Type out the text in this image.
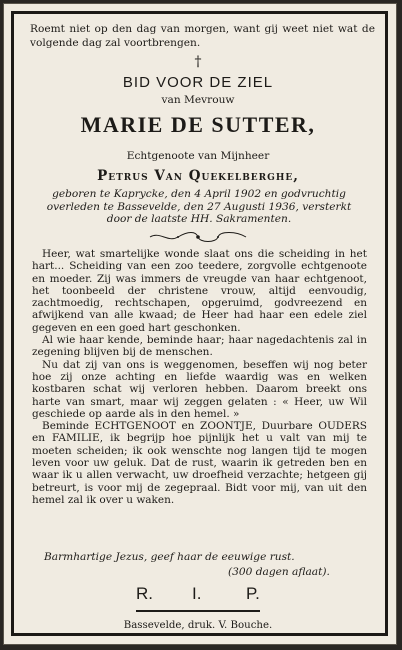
Roemt niet op den dag van morgen, want gij weet niet wat de volgende dag zal voortbrengen.
†
BID VOOR DE ZIEL
van Mevrouw
MARIE DE SUTTER,
Echtgenoote van Mijnheer
Petrus Van Quekelberghe,
geboren te Kaprycke, den 4 April 1902 en godvruchtig overleden te Bassevelde, den 27 Augusti 1936, versterkt door de laatste HH. Sakramenten.

Heer, wat smartelijke wonde slaat ons die scheiding in het hart... Scheiding van een zoo teedere, zorgvolle echtgenoote en moeder. Zij was immers de vreugde van haar echtgenoot, het toonbeeld der christene vrouw, altijd eenvoudig, zachtmoedig, rechtschapen, opgeruimd, godvreezend en afwijkend van alle kwaad; de Heer had haar een edele ziel gegeven en een goed hart geschonken.

Al wie haar kende, beminde haar; haar nagedachtenis zal in zegening blijven bij de menschen.

Nu dat zij van ons is weggenomen, beseffen wij nog beter hoe zij onze achting en liefde waardig was en welken kostbaren schat wij verloren hebben. Daarom breekt ons harte van smart, maar wij zeggen gelaten : « Heer, uw Wil geschiede op aarde als in den hemel. »

Beminde ECHTGENOOT en ZOONTJE, Duurbare OUDERS en FAMILIE, ik begrijp hoe pijnlijk het u valt van mij te moeten scheiden; ik ook wenschte nog langen tijd te mogen leven voor uw geluk. Dat de rust, waarin ik getreden ben en waar ik u allen verwacht, uw droefheid verzachte; hetgeen gij betreurt, is voor mij de zegepraal. Bidt voor mij, van uit den hemel zal ik over u waken.

Barmhartige Jezus, geef haar de eeuwige rust.
(300 dagen aflaat).
R. I.	P.
Bassevelde, druk. V. Bouche.
